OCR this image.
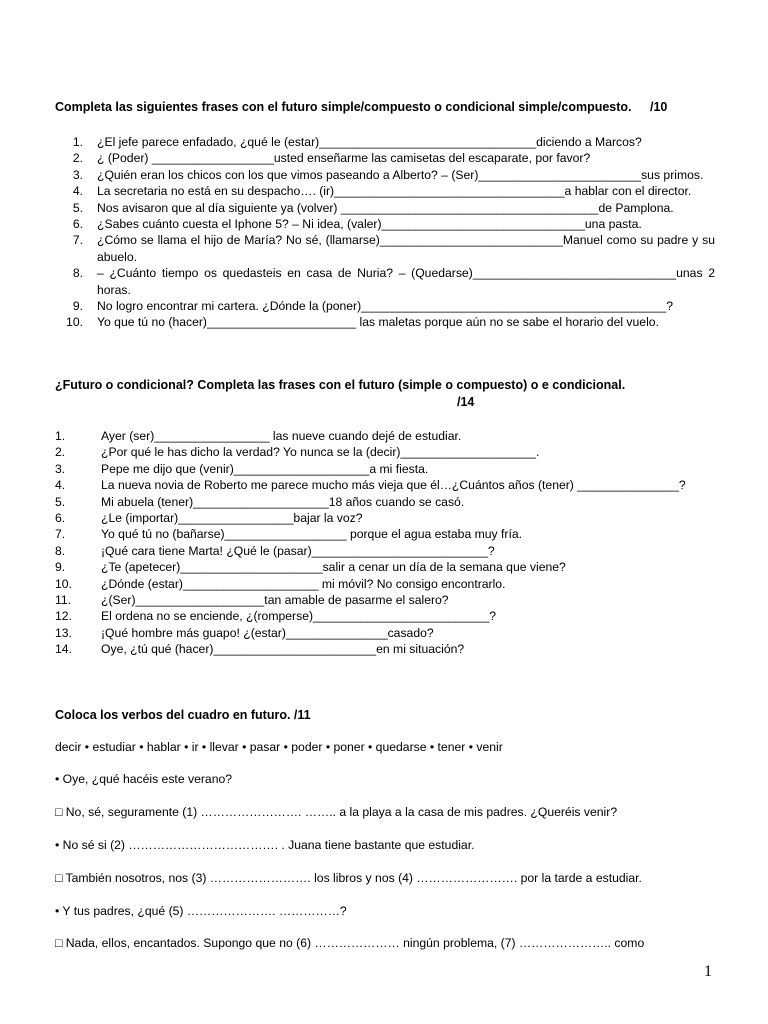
Completa las siguientes frases con el futuro simple/compuesto o condicional simple/compuesto. /10
1. ¿El jefe parece enfadado, ¿qué le (estar)________________________________diciendo a Marcos?
2. ¿ (Poder) __________________usted enseñarme las camisetas del escaparate, por favor?
3. ¿Quién eran los chicos con los que vimos paseando a Alberto? – (Ser)________________________sus primos.
4. La secretaria no está en su despacho…. (ir)__________________________________a hablar con el director.
5. Nos avisaron que al día siguiente ya (volver) ______________________________________de Pamplona.
6. ¿Sabes cuánto cuesta el Iphone 5? – Ni idea, (valer)______________________________una pasta.
7. ¿Cómo se llama el hijo de María? No sé, (llamarse)___________________________Manuel como su padre y su abuelo.
8. – ¿Cuánto tiempo os quedasteis en casa de Nuria? – (Quedarse)______________________________unas 2 horas.
9. No logro encontrar mi cartera. ¿Dónde la (poner)_____________________________________________?
10. Yo que tú no (hacer)______________________ las maletas porque aún no se sabe el horario del vuelo.
¿Futuro o condicional? Completa las frases con el futuro (simple o compuesto) o e condicional.
/14
1.	Ayer (ser)_________________ las nueve cuando dejé de estudiar.
2.	¿Por qué le has dicho la verdad? Yo nunca se la (decir)____________________.
3.	Pepe me dijo que (venir)____________________a mi fiesta.
4.	La nueva novia de Roberto me parece mucho más vieja que él…¿Cuántos años (tener) _______________?
5.	Mi abuela (tener)____________________18 años cuando se casó.
6.	¿Le (importar)_________________bajar la voz?
7.	Yo qué tú no (bañarse)__________________ porque el agua estaba muy fría.
8.	¡Qué cara tiene Marta! ¿Qué le (pasar)__________________________?
9.	¿Te (apetecer)_____________________salir a cenar un día de la semana que viene?
10.	¿Dónde (estar)____________________ mi móvil? No consigo encontrarlo.
11.	¿(Ser)___________________tan amable de pasarme el salero?
12.	El ordena no se enciende, ¿(romperse)__________________________?
13.	¡Qué hombre más guapo! ¿(estar)_______________casado?
14.	Oye, ¿tú qué (hacer)________________________en mi situación?
Coloca los verbos del cuadro en futuro. /11
decir • estudiar • hablar • ir • llevar • pasar • poder • poner • quedarse • tener • venir
• Oye, ¿qué hacéis este verano?
□ No, sé, seguramente (1) ……………………. …….. a la playa a la casa de mis padres. ¿Queréis venir?
• No sé si (2) ………………………………. . Juana tiene bastante que estudiar.
□ También nosotros, nos (3) ……………………. los libros y nos (4) ……………………. por la tarde a estudiar.
• Y tus padres, ¿qué (5) …………………. ……………?
□ Nada, ellos, encantados. Supongo que no (6) ………………… ningún problema, (7) ………………….. como
1
